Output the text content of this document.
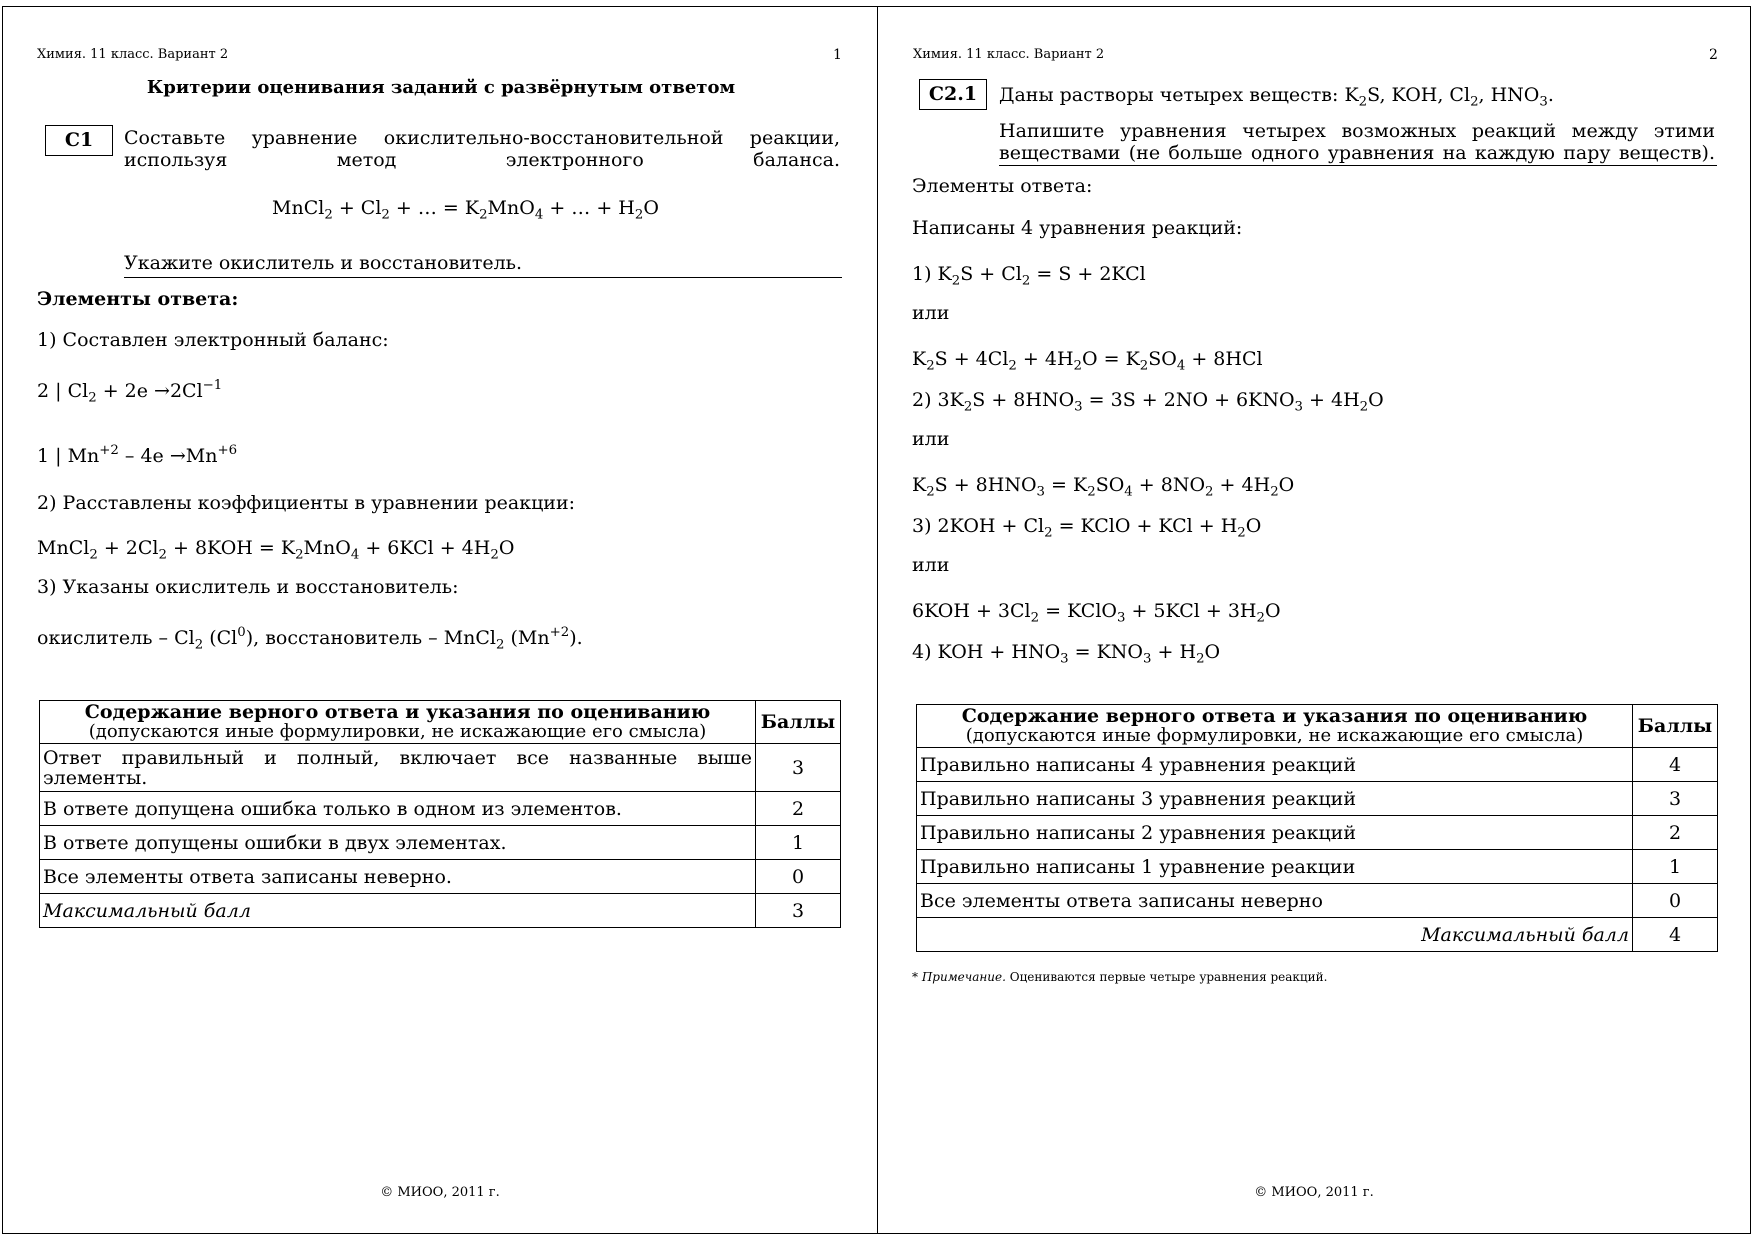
Химия. 11 класс. Вариант 2	1
Критерии оценивания заданий с развёрнутым ответом
С1	Составьте уравнение окислительно-восстановительной реакции, используя метод электронного баланса.
MnCl$_2$ + $Cl_2$ + … = $K_2MnO_4$ + … + $H_2O$
Укажите окислитель и восстановитель.
Элементы ответа:
1) Составлен электронный баланс:
2 | $Cl_2 + 2e \to 2Cl^{-1}$
1 | $Mn^{+2} - 4e \to Mn^{+6}$
2) Расставлены коэффициенты в уравнении реакции:
MnCl$_2$ + $2Cl_2 + 8KOH = K_2MnO_4 + 6KCl + 4H_2O$
3) Указаны окислитель и восстановитель:
окислитель – $Cl_2$ (Cl$^0$), восстановитель – MnCl$_2$ $(Mn^{+2})$.
Содержание верного ответа и указания по оцениванию
(допускаются иные формулировки, не искажающие его смысла)	Баллы
Ответ правильный и полный, включает все названные выше элементы.	3
В ответе допущена ошибка только в одном из элементов.	2
В ответе допущены ошибки в двух элементах.	1
Все элементы ответа записаны неверно.	0
Максимальный балл	3
© МИОО, 2011 г.
Химия. 11 класс. Вариант 2	2
С2.1	Даны растворы четырех веществ: $K_2S$, KOH, $Cl_2$, $HNO_3$.
Напишите уравнения четырех возможных реакций между этими веществами (не больше одного уравнения на каждую пару веществ).
Элементы ответа:
Написаны 4 уравнения реакций:
1) $K_2S + Cl_2 = S + 2KCl$
или
$K_2S + 4Cl_2 + 4H_2O = K_2SO_4 + 8HCl$
2) $3K_2S + 8HNO_3 = 3S + 2NO + 6KNO_3 + 4H_2O$
или
$K_2S + 8HNO_3 = K_2SO_4 + 8NO_2 + 4H_2O$
3) $2KOH + Cl_2$ = KClO + KCl + $H_2O$
или
$6KOH + 3Cl_2$ = KClO$_3$ + $5KCl + 3H_2O$
4) KOH + $HNO_3 = KNO_3 + H_2O$
Содержание верного ответа и указания по оцениванию
(допускаются иные формулировки, не искажающие его смысла)	Баллы
Правильно написаны 4 уравнения реакций	4
Правильно написаны 3 уравнения реакций	3
Правильно написаны 2 уравнения реакций	2
Правильно написаны 1 уравнение реакции	1
Все элементы ответа записаны неверно	0
Максимальный балл	4
* Примечание. Оцениваются первые четыре уравнения реакций.
© МИОО, 2011 г.
